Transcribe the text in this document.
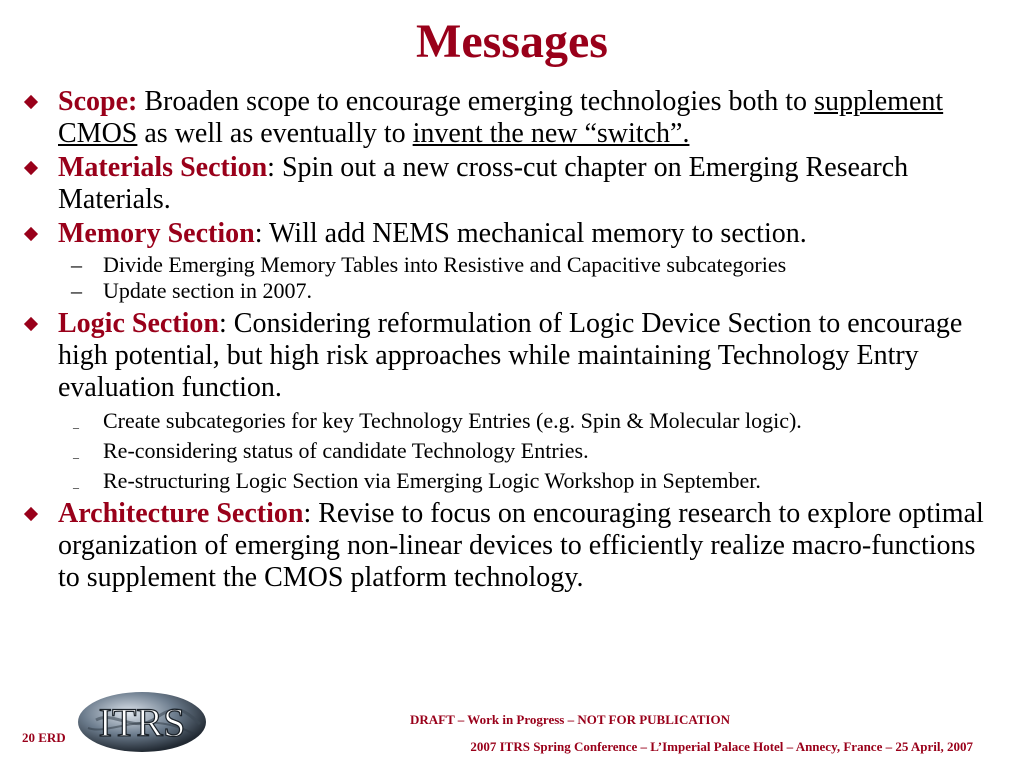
Messages
Scope: Broaden scope to encourage emerging technologies both to supplement CMOS as well as eventually to invent the new “switch”.
Materials Section: Spin out a new cross-cut chapter on Emerging Research Materials.
Memory Section: Will add NEMS mechanical memory to section.
– Divide Emerging Memory Tables into Resistive and Capacitive subcategories
– Update section in 2007.
Logic Section: Considering reformulation of Logic Device Section to encourage high potential, but high risk approaches while maintaining Technology Entry evaluation function.
– Create subcategories for key Technology Entries (e.g. Spin & Molecular logic).
– Re-considering status of candidate Technology Entries.
– Re-structuring Logic Section via Emerging Logic Workshop in September.
Architecture Section: Revise to focus on encouraging research to explore optimal organization of emerging non-linear devices to efficiently realize macro-functions to supplement the CMOS platform technology.
ITRS
20 ERD
DRAFT – Work in Progress – NOT FOR PUBLICATION
2007 ITRS Spring Conference – L’Imperial Palace Hotel – Annecy, France – 25 April, 2007
